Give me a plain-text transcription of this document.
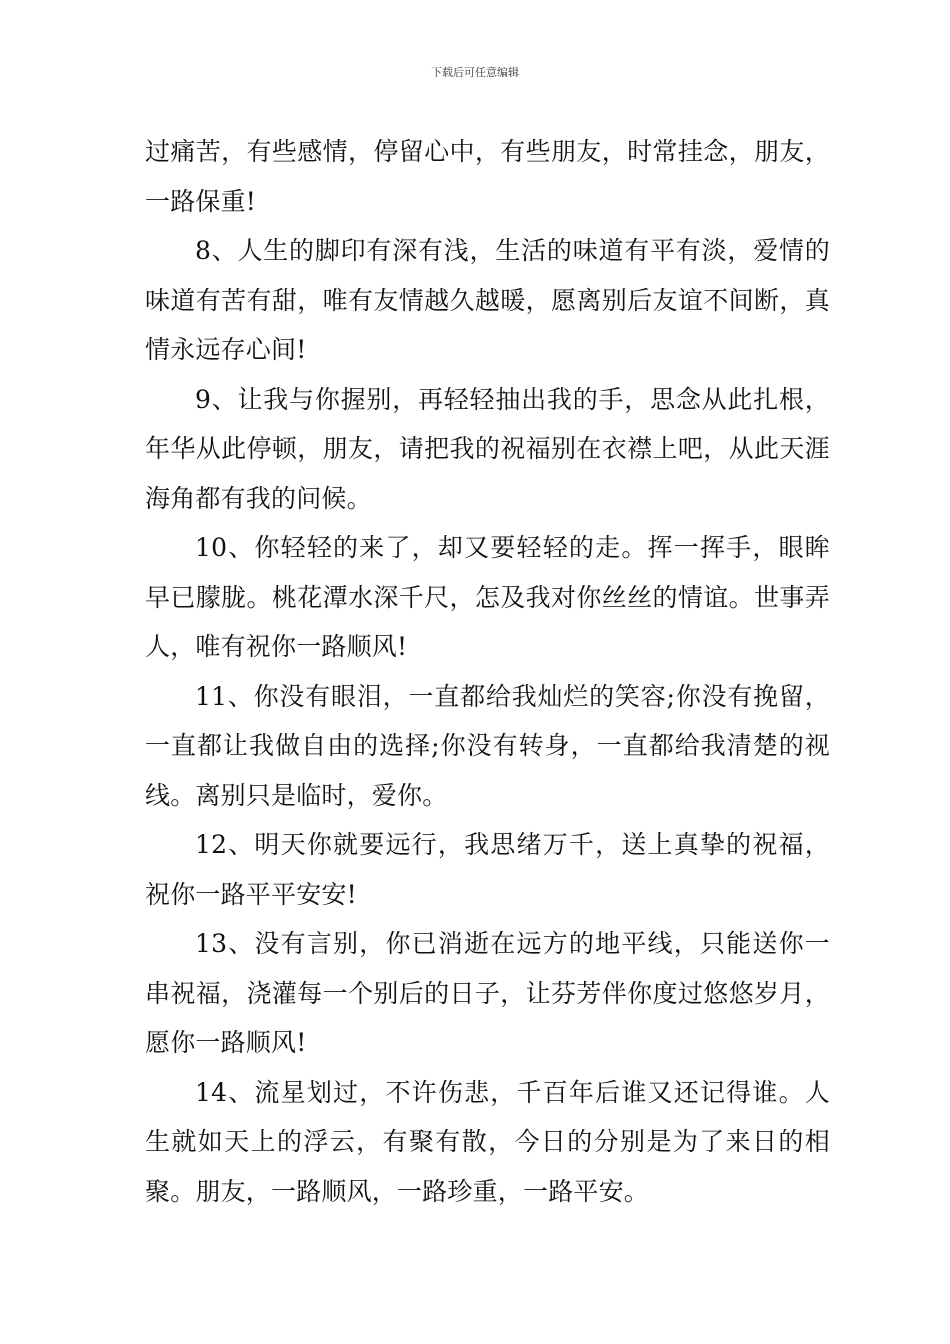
下载后可任意编辑

过痛苦，有些感情，停留心中，有些朋友，时常挂念，朋友，一路保重!

8、人生的脚印有深有浅，生活的味道有平有淡，爱情的味道有苦有甜，唯有友情越久越暖，愿离别后友谊不间断，真情永远存心间!

9、让我与你握别，再轻轻抽出我的手，思念从此扎根，年华从此停顿，朋友，请把我的祝福别在衣襟上吧，从此天涯海角都有我的问候。

10、你轻轻的来了，却又要轻轻的走。挥一挥手，眼眸早已朦胧。桃花潭水深千尺，怎及我对你丝丝的情谊。世事弄人，唯有祝你一路顺风!

11、你没有眼泪，一直都给我灿烂的笑容;你没有挽留，一直都让我做自由的选择;你没有转身，一直都给我清楚的视线。离别只是临时，爱你。

12、明天你就要远行，我思绪万千，送上真挚的祝福，祝你一路平平安安!

13、没有言别，你已消逝在远方的地平线，只能送你一串祝福，浇灌每一个别后的日子，让芬芳伴你度过悠悠岁月，愿你一路顺风!

14、流星划过，不许伤悲，千百年后谁又还记得谁。人生就如天上的浮云，有聚有散，今日的分别是为了来日的相聚。朋友，一路顺风，一路珍重，一路平安。
